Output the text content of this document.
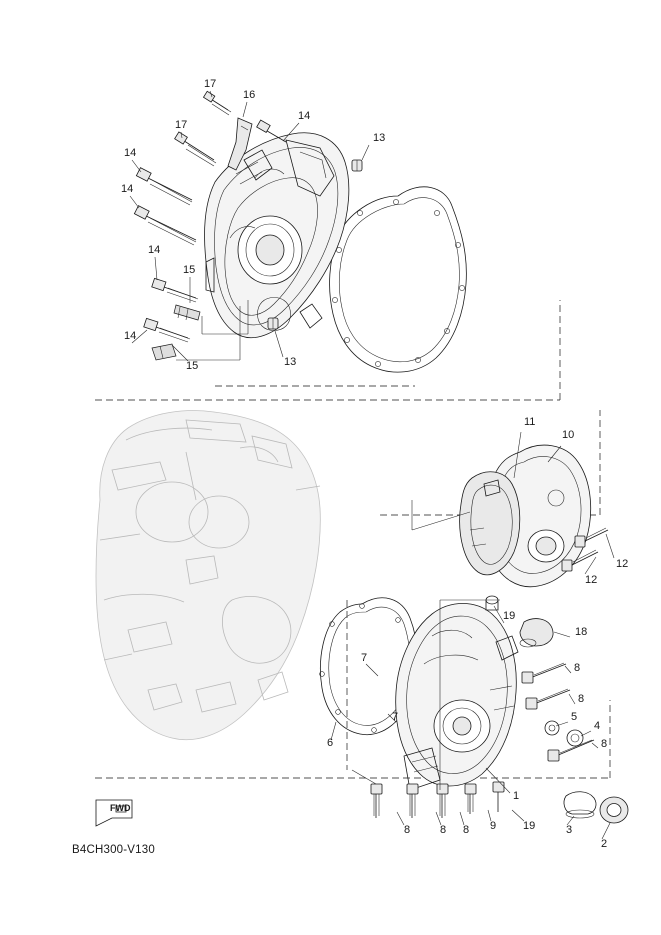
17
16
14
17
13
14
14
14
15
14
13
15
11
10
12
12
19
18
8
7
8
5
4
8
7
6
1
8	8 8 9 19	3
2
FWD
B4CH300-V130
